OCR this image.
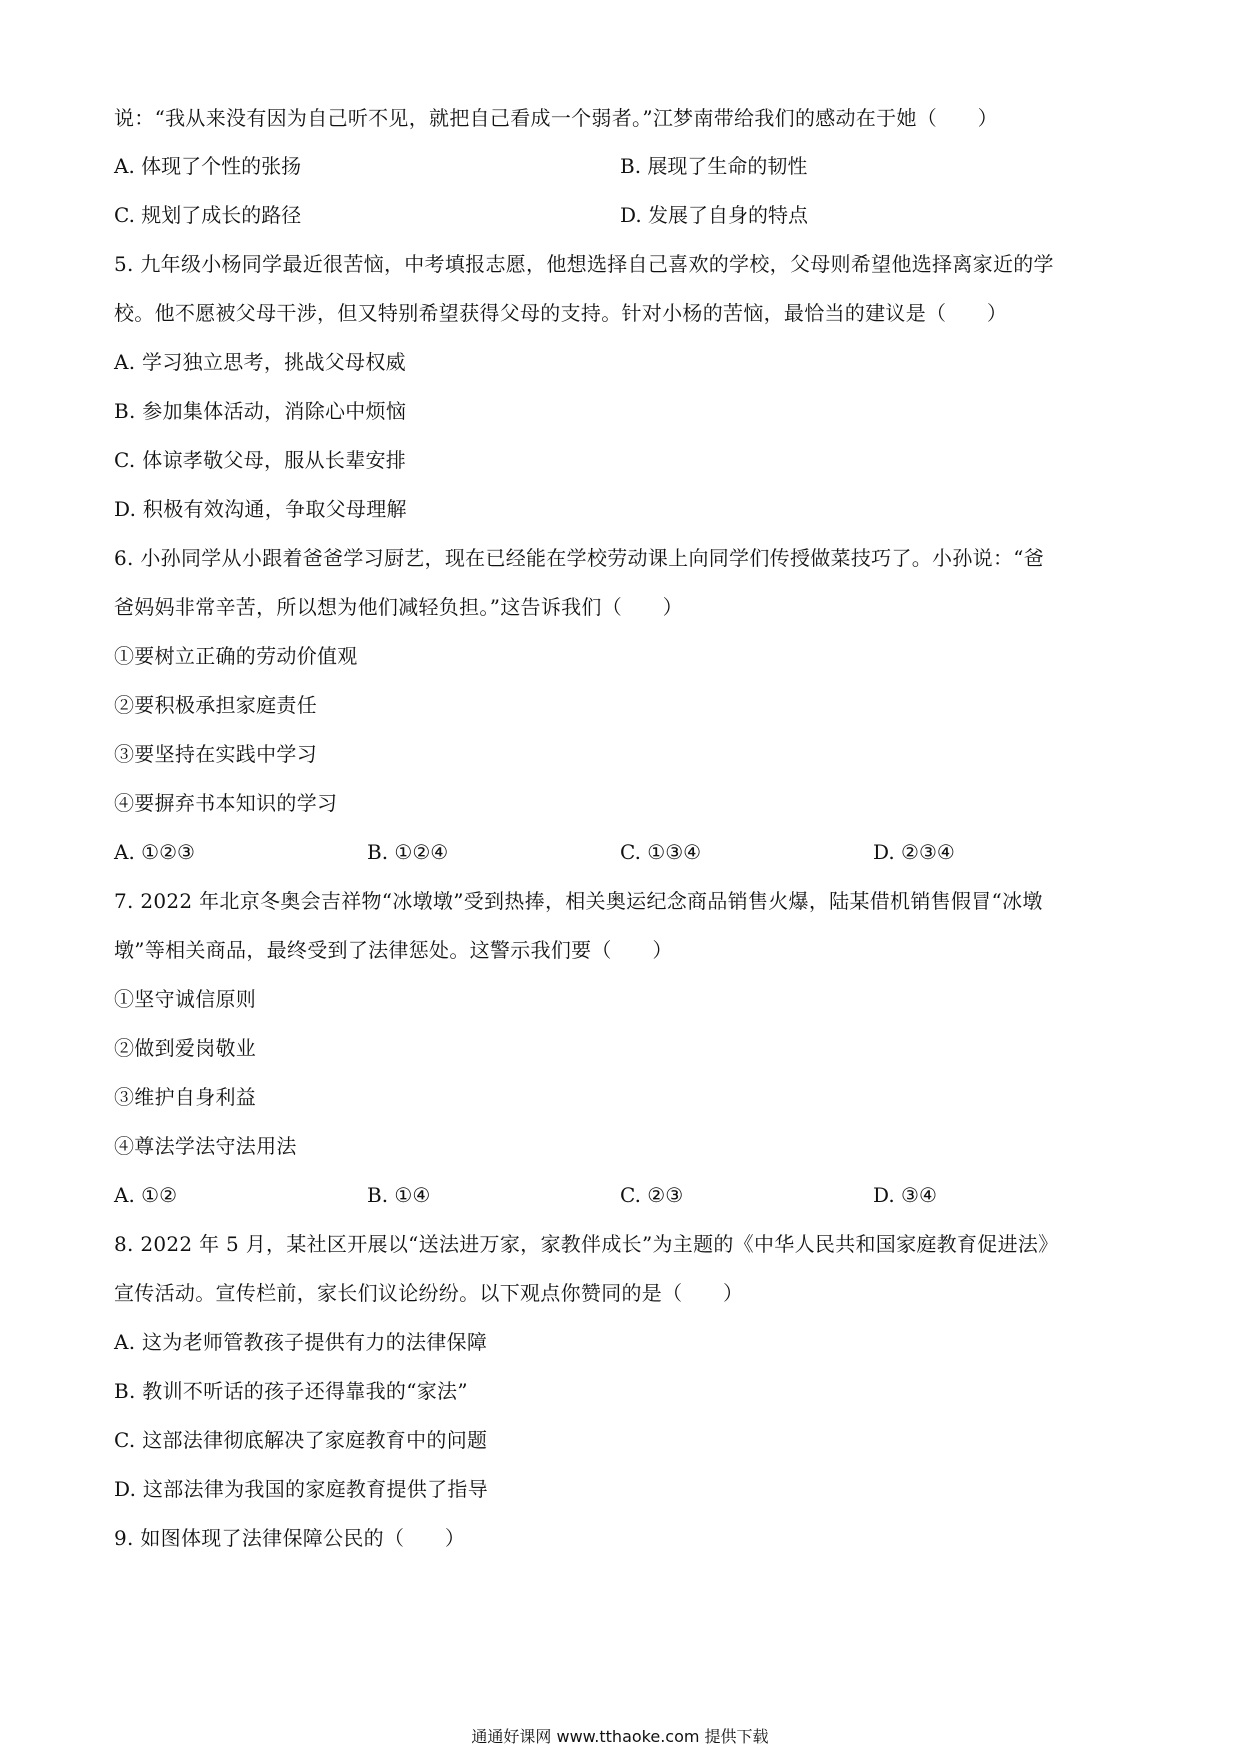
说：“我从来没有因为自己听不见，就把自己看成一个弱者。”江梦南带给我们的感动在于她（　　）
A. 体现了个性的张扬	B. 展现了生命的韧性
C. 规划了成长的路径	D. 发展了自身的特点
5. 九年级小杨同学最近很苦恼，中考填报志愿，他想选择自己喜欢的学校，父母则希望他选择离家近的学
校。他不愿被父母干涉，但又特别希望获得父母的支持。针对小杨的苦恼，最恰当的建议是（　　）
A. 学习独立思考，挑战父母权威
B. 参加集体活动，消除心中烦恼
C. 体谅孝敬父母，服从长辈安排
D. 积极有效沟通，争取父母理解
6. 小孙同学从小跟着爸爸学习厨艺，现在已经能在学校劳动课上向同学们传授做菜技巧了。小孙说：“爸
爸妈妈非常辛苦，所以想为他们减轻负担。”这告诉我们（　　）
①要树立正确的劳动价值观
②要积极承担家庭责任
③要坚持在实践中学习
④要摒弃书本知识的学习
A. ①②③	B. ①②④	C. ①③④	D. ②③④
7. 2022 年北京冬奥会吉祥物“冰墩墩”受到热捧，相关奥运纪念商品销售火爆，陆某借机销售假冒“冰墩
墩”等相关商品，最终受到了法律惩处。这警示我们要（　　）
①坚守诚信原则
②做到爱岗敬业
③维护自身利益
④尊法学法守法用法
A. ①②	B. ①④	C. ②③	D. ③④
8. 2022 年 5 月，某社区开展以“送法进万家，家教伴成长”为主题的《中华人民共和国家庭教育促进法》
宣传活动。宣传栏前，家长们议论纷纷。以下观点你赞同的是（　　）
A. 这为老师管教孩子提供有力的法律保障
B. 教训不听话的孩子还得靠我的“家法”
C. 这部法律彻底解决了家庭教育中的问题
D. 这部法律为我国的家庭教育提供了指导
9. 如图体现了法律保障公民的（　　）
通通好课网 www.tthaoke.com 提供下载
